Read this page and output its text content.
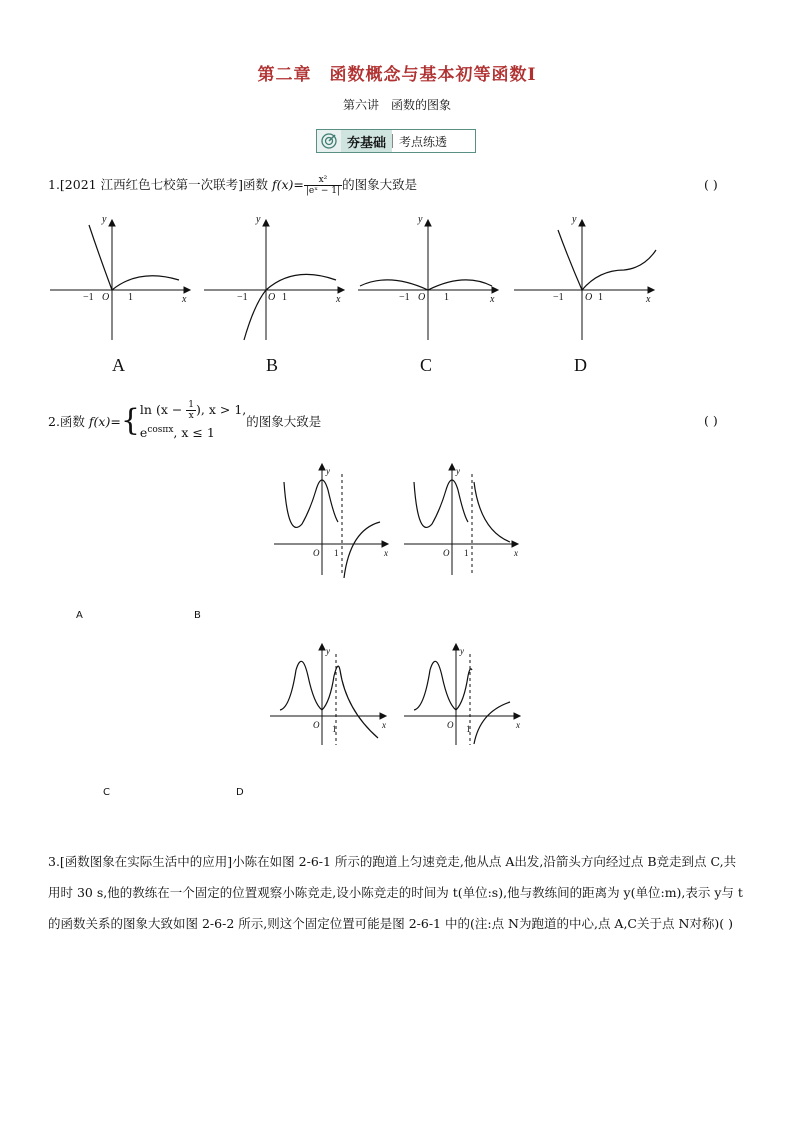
第二章　函数概念与基本初等函数Ⅰ
第六讲　函数的图象
夯基础	考点练透
1.[2021 江西红色七校第一次联考]函数 $f(x)= \frac{\text{x²}}{\text{|eˣ − 1|}}$ 的图象大致是	( )
y
x
y
x
y
x
y
x
−1 O 1	−1 O 1	−1 O 1	−1 O 1
A	B	C	D
2.函数 f(x)={ $\ln (x - \frac{1}{x}$ ), x > 1,
$e^{cos\pi x}$, x ≤ 1
的图象大致是	( )
y
x
O
y
x
O
1	1
A	B
y
x
O
y
x
O
1	1
C	D
3.[函数图象在实际生活中的应用]小陈在如图 2-6-1 所示的跑道上匀速竞走,他从点 A出发,沿箭头方向经过点 B竞走到点 C,共用时 30 s,他的教练在一个固定的位置观察小陈竞走,设小陈竞走的时间为 t(单位:s),他与教练间的距离为 y(单位:m),表示 y与 t的函数关系的图象大致如图 2-6-2 所示,则这个固定位置可能是图 2-6-1 中的(注:点 N为跑道的中心,点 A,C关于点 N对称)( )
